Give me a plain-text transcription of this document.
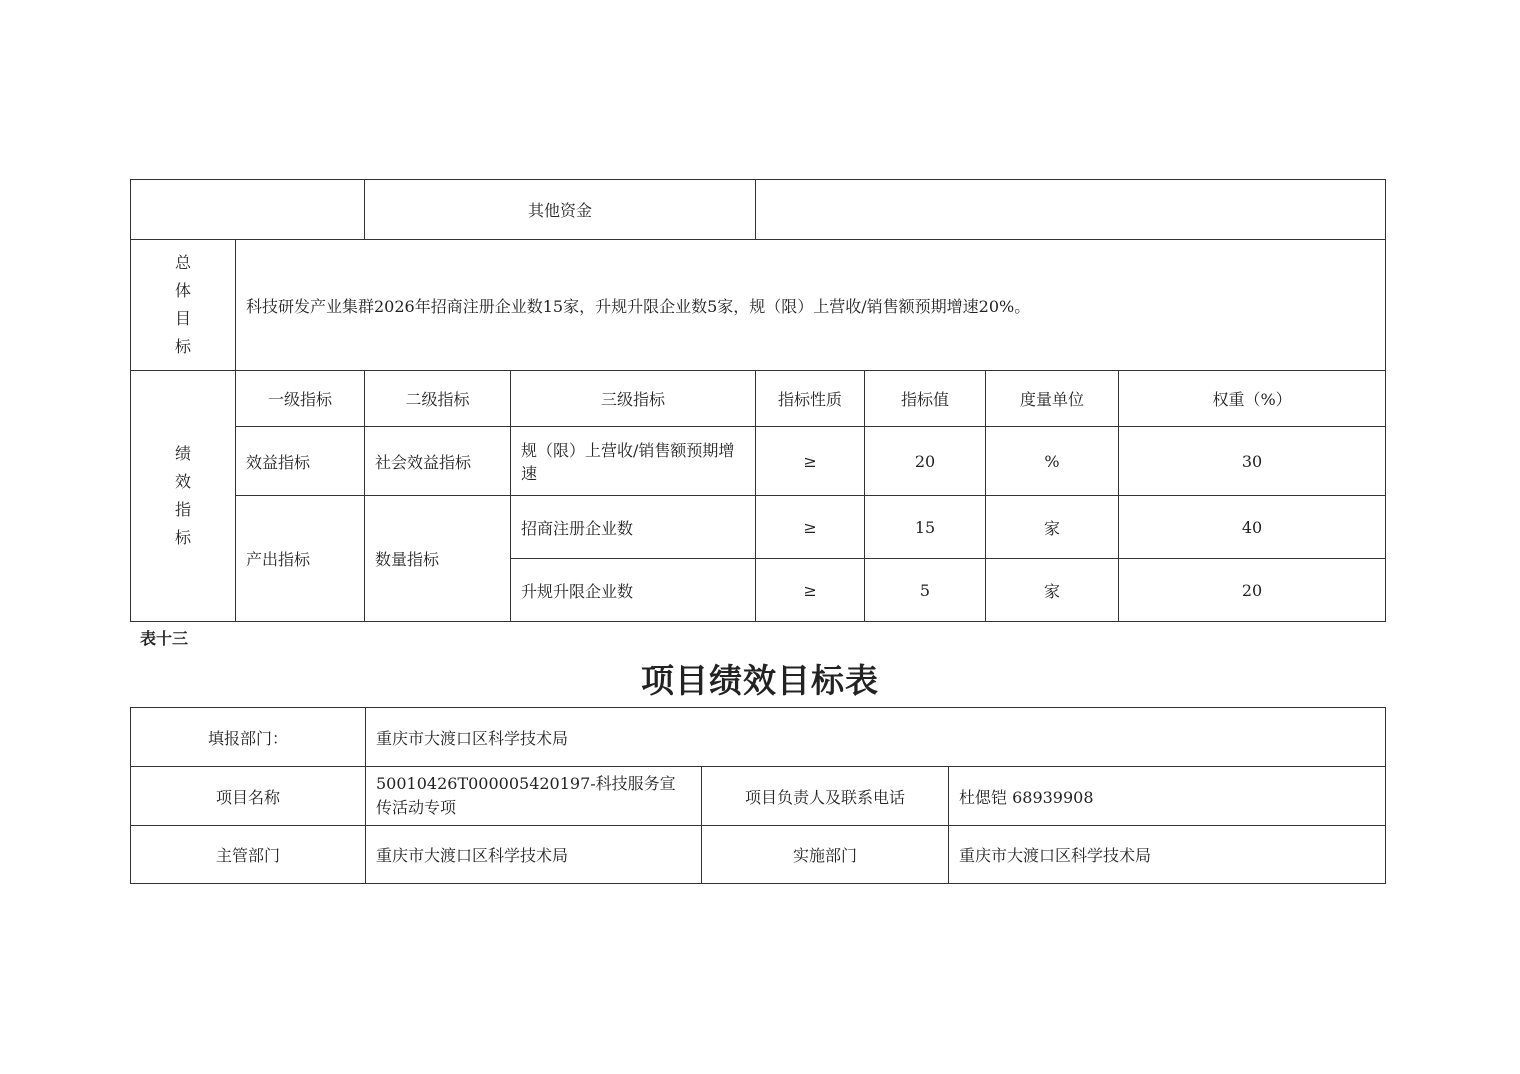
		其他资金					

总
体
目
标	科技研发产业集群2026年招商注册企业数15家，升规升限企业数5家，规（限）上营收/销售额预期增速20%。						

绩
效
指
标	一级指标	二级指标	三级指标	指标性质	指标值	度量单位	权重（%）
	效益指标	社会效益指标	规（限）上营收/销售额预期增速	≥	20	%	30
	产出指标	数量指标	招商注册企业数	≥	15	家	40
			升规升限企业数	≥	5	家	20
表十三
项目绩效目标表
填报部门：	重庆市大渡口区科学技术局		
项目名称	50010426T000005420197-科技服务宣传活动专项	项目负责人及联系电话	杜偲铠 68939908
主管部门	重庆市大渡口区科学技术局	实施部门	重庆市大渡口区科学技术局
